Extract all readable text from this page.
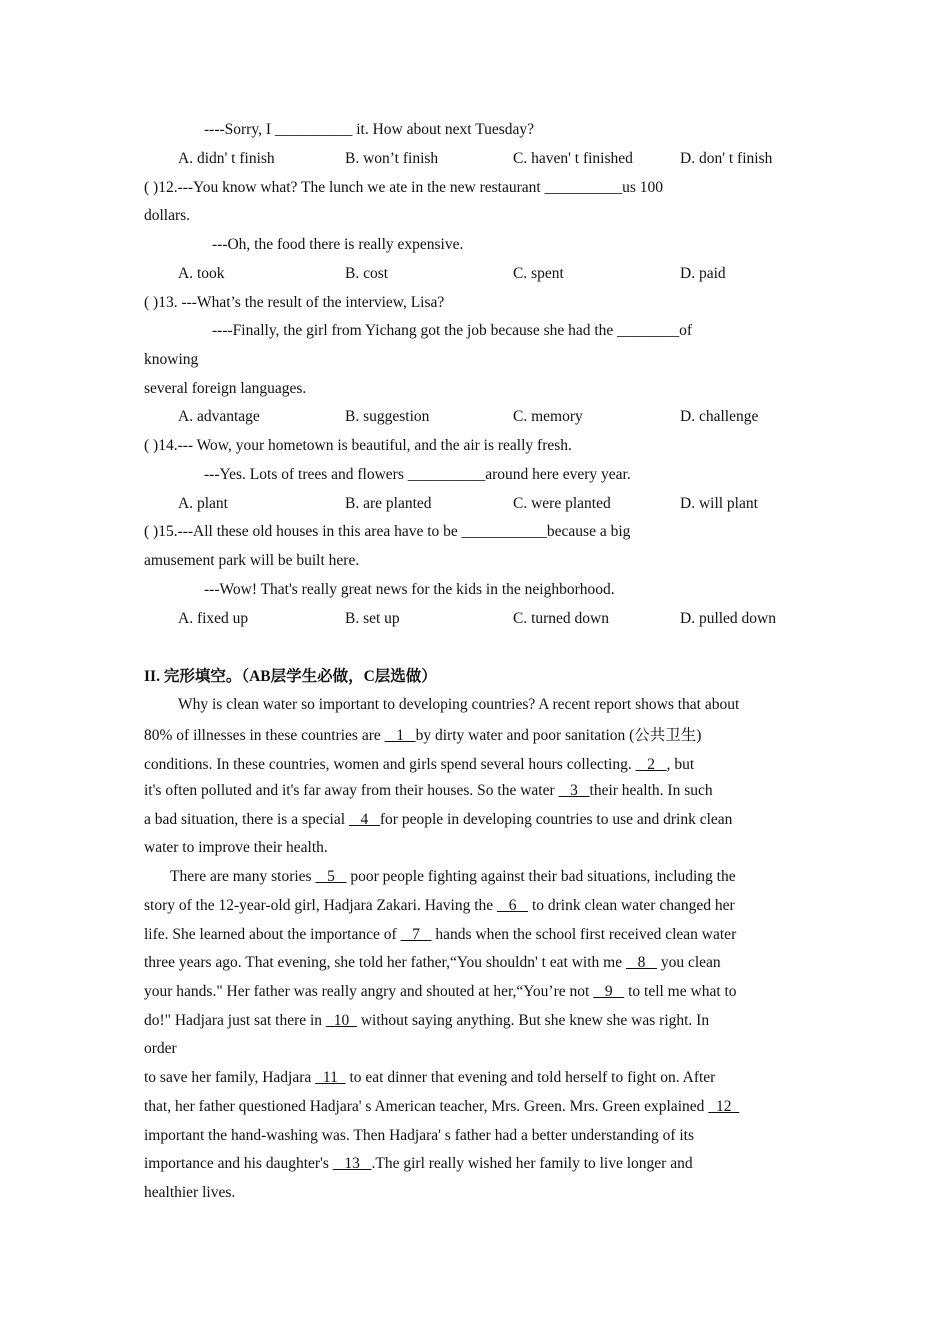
----Sorry, I __________ it. How about next Tuesday?
A. didn' t finish	B. won’t finish	C. haven' t finished	D. don' t finish
( )12.---You know what? The lunch we ate in the new restaurant __________us 100
dollars.
---Oh, the food there is really expensive.
A. took	B. cost	C. spent	D. paid
( )13. ---What’s the result of the interview, Lisa?
----Finally, the girl from Yichang got the job because she had the ________of
knowing
several foreign languages.
A. advantage	B. suggestion	C. memory	D. challenge
( )14.--- Wow, your hometown is beautiful, and the air is really fresh.
---Yes. Lots of trees and flowers __________around here every year.
A. plant	B. are planted	C. were planted	D. will plant
( )15.---All these old houses in this area have to be ___________because a big
amusement park will be built here.
---Wow! That's really great news for the kids in the neighborhood.
A. fixed up	B. set up	C. turned down	D. pulled down
II. 完形填空。（AB层学生必做，C层选做）
Why is clean water so important to developing countries? A recent report shows that about
80% of illnesses in these countries are    1   by dirty water and poor sanitation (公共卫生)
conditions. In these countries, women and girls spend several hours collecting.    2   , but
it's often polluted and it's far away from their houses. So the water    3   their health. In such
a bad situation, there is a special    4   for people in developing countries to use and drink clean
water to improve their health.
There are many stories    5    poor people fighting against their bad situations, including the
story of the 12-year-old girl, Hadjara Zakari. Having the    6    to drink clean water changed her
life. She learned about the importance of    7    hands when the school first received clean water
three years ago. That evening, she told her father,“You shouldn' t eat with me    8    you clean
your hands." Her father was really angry and shouted at her,“You’re not    9    to tell me what to
do!" Hadjara just sat there in   10   without saying anything. But she knew she was right. In
order
to save her family, Hadjara   11   to eat dinner that evening and told herself to fight on. After
that, her father questioned Hadjara' s American teacher, Mrs. Green. Mrs. Green explained   12
important the hand-washing was. Then Hadjara' s father had a better understanding of its
importance and his daughter's    13   .The girl really wished her family to live longer and
healthier lives.
